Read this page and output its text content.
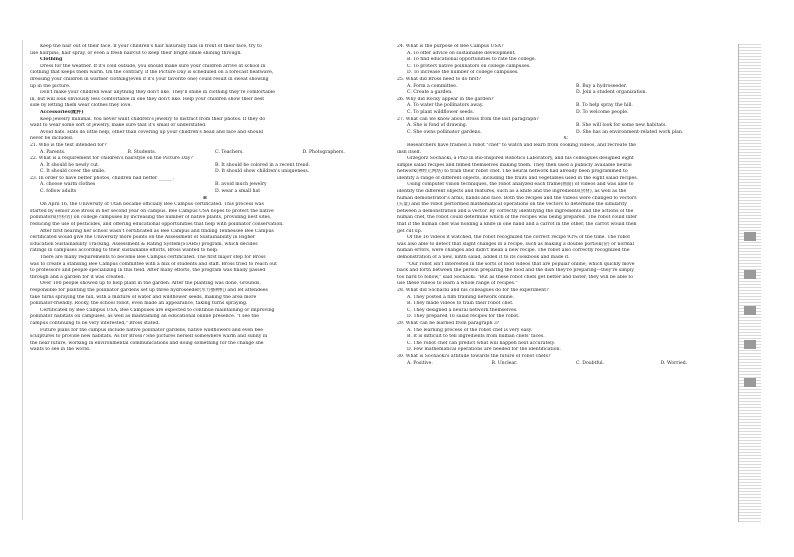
Keep the hair out of their face. If your children's hair naturally falls in front of their face, try to
use hairpins, hair spray, or even a fresh haircut to keep their bright smile shining through.
Clothing
Dress for the weather. If it's cold outside, you should make sure your children arrive at school in
clothing that keeps them warm. On the contrary, if the Picture Day is scheduled on a forecast heatwave,
dressing your children in warmer clothing(even if it's your favorite one) could result in sweat showing
up in the picture.
Don't make your children wear anything they don't like. They'll shine in clothing they're comfortable
in, but will look obviously less comfortable in one they don't like. Help your children show their best
side by letting them wear clothes they love.
Accessories(配件)
Keep jewelry minimal. You never want children's jewelry to distract from their photos. If they do
want to wear some sort of jewelry, make sure that it's small or understated.
Avoid hats. Hats do little help, other than covering up your children's head and face and should
never be included.
21. Who is the text intended for?
A. Parents.	B. Students.	C. Teachers.	D. Photographers.
22. What is a requirement for children's hairstyle on the Picture Day?
A. It should be newly cut.	B. It should be colored in a recent trend.
C. It should cover the smile.	D. It should show children's uniqueness.
23. In order to have better photos, children had better ______.
A. choose warm clothes	B. avoid much jewelry
C. follow adults	D. wear a small hat
B
On April 16, the University of Utah became officially Bee Campus certificated. This process was
started by senior Zoë Bross in her second year on campus. Bee Campus USA hopes to protect the native
pollinators(传粉者) on college campuses by increasing the number of native plants, providing nest sites,
reducing the use of pesticides, and offering educational opportunities that help with pollinator conservation.
After first hearing her school wasn't certificated as Bee Campus and finding Tennessee Bee Campus
certificated would give the University more points on the Assessment of Sustainability in Higher
Education Sustainability Tracking, Assessment & Rating System(STARS) program, which decides
ratings in campuses according to their sustainable efforts, Bross wanted to help.
There are many requirements to become Bee Campus certificated. The first major step for Bross
was to create a standing Bee Campus committee with a mix of students and staff. Bross tried to reach out
to professors and people specializing in this field. After many efforts, the program was finally passed
through and a garden for it was created.
Over 100 people showed up to help plant in the garden. After the planting was done, Grounds,
responsible for planting the pollinator gardens set up three hydroseeder(水力播种机) and let attendees
take turns spraying the hill, with a mixture of water and wildflower seeds, making the area more
pollinator-friendly. Rocky, the school robot, even made an appearance, taking turns spraying.
Certificated by Bee Campus USA, Bee Campuses are expected to continue maintaining or improving
pollinator habitats on campuses, as well as maintaining an educational online presence. "I see the
campus continuing to be very interested," Bross stated.
Future plans for the campus include native pollinator gardens, native wildflowers and even bee
sculptures to provide new habitats. As for Bross? She pictures herself somewhere warm and sunny in
the near future, working in environmental communications and doing something for the change she
wants to see in the world.
24. What is the purpose of Bee Campus USA?
A. To offer advice on sustainable development.
B. To find educational opportunities to rate the college.
C. To protect native pollinators on college campuses.
D. To increase the number of college campuses.
25. What did Bross need to do first?
A. Form a committee.	B. Buy a hydroseeder.
C. Create a garden.	D. Join a student organization.
26. Why did Rocky appear in the garden?
A. To water the pollinators away.	B. To help spray the hill.
C. To plant wildflower seeds.	D. To welcome people.
27. What can we know about Bross from the last paragraph?
A. She is fond of drawing.	B. She will look for some new habitats.
C. She owns pollinator gardens.	D. She has an environment-related work plan.
C
Researchers have trained a robot "chef" to watch and learn from cooking videos, and recreate the
dish itself.
Grzegorz Sochacki, a PhD in Bio-Inspired Robotics Laboratory, and his colleagues designed eight
simple salad recipes and filmed themselves making them. They then used a publicly available neural
network(神经元网络) to train their robot chef. The neural network had already been programmed to
identify a range of different objects, including the fruits and vegetables used in the eight salad recipes.
Using computer vision techniques, the robot analyzed each frame(画面) of videos and was able to
identify the different objects and features, such as a knife and the ingredients(食材), as well as the
human demonstrator's arms, hands and face. Both the recipes and the videos were changed to vectors
(矢量) and the robot performed mathematical operations on the vectors to determine the similarity
between a demonstration and a vector. By correctly identifying the ingredients and the actions of the
human chef, the robot could determine which of the recipes was being prepared. The robot could infer
that if the human chef was holding a knife in one hand and a carrot in the other, the carrot would then
get cut up.
Of the 16 videos it watched, the robot recognized the correct recipe 93% of the time. The robot
was also able to detect that slight changes in a recipe, such as making a double portion(份) or normal
human errors, were changes and didn't mean a new recipe. The robot also correctly recognized the
demonstration of a new, ninth salad, added it to its cookbook and made it.
"Our robot isn't interested in the sorts of food videos that are popular online, which quickly move
back and forth between the person preparing the food and the dish they're preparing—they're simply
too hard to follow," said Sochacki. "But as these robot chefs get better and faster, they will be able to
use these videos to learn a whole range of recipes."
28. What did Sochacki and his colleagues do for the experiment?
A. They posted a film training network online.
B. They made videos to train their robot chef.
C. They designed a neural network themselves.
D. They prepared 16 salad recipes for the robot.
29. What can be learned from paragraph 3?
A. The learning process of the robot chef is very easy.
B. It is difficult to tell ingredients from human chefs' faces.
C. The robot chef can predict what will happen next accurately.
D. Few mathematical operations are needed for the identification.
30. What is Sochacki's attitude towards the future of robot chefs?
A. Positive.	B. Unclear.	C. Doubtful.	D. Worried.
